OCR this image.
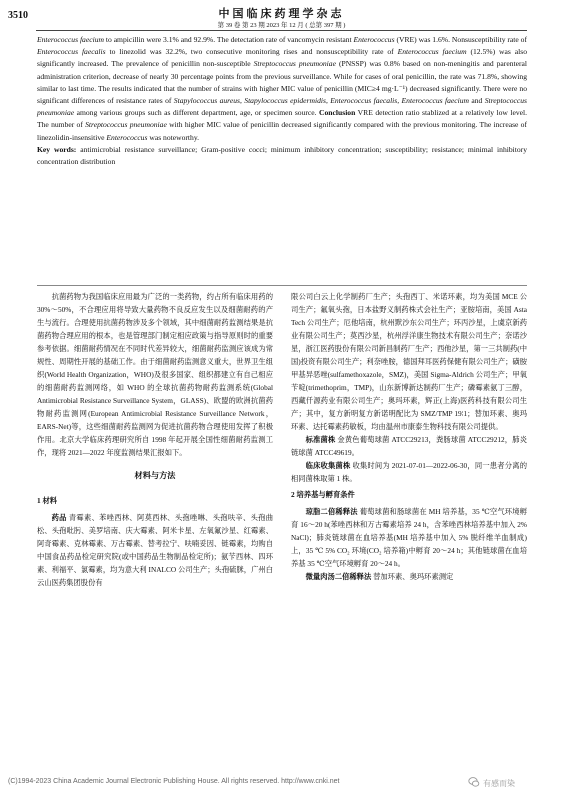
3510	中国临床药理学杂志
第 39 卷 第 23 期 2023 年 12 月 ( 总第 397 期 )

Enterococcus faecium to ampicillin were 3.1% and 92.9%. The detectation rate of vancomycin resistant Enterococcus (VRE) was 1.6%. Nonsusceptibility rate of Enterococcus faecalis to linezolid was 32.2%, two consecutive monitoring rises and nonsusceptibility rate of Enterococcus faecium (12.5%) was also significantly increased. The prevalence of penicillin non-susceptible Streptococcus pneumoniae (PNSSP) was 0.8% based on non-meningitis and parenteral administration criterion, decrease of nearly 30 percentage points from the previous surveillance. While for cases of oral penicillin, the rate was 71.8%, showing similar to last time. The results indicated that the number of strains with higher MIC value of penicillin (MIC≥4 mg·L⁻¹) decreased significantly. There were no significant differences of resistance rates of Stapylococcus aureus, Stapylococcus epidermidis, Enterococcus faecalis, Enterococcus faecium and Streptococcus pneumoniae among various groups such as different department, age, or specimen source. Conclusion VRE detection ratio stablized at a relatively low level. The number of Streptococcus pneumoniae with higher MIC value of penicillin decreased significantly compared with the previous monitoring. The increase of linezolidin-insensitive Enterococcus was noteworthy.

Key words: antimicrobial resistance surveillance; Gram-positive cocci; minimum inhibitory concentration; susceptibility; resistance; minimal inhibitory concentration distribution

抗菌药物为我国临床应用最为广泛的一类药物，约占所有临床用药的 30%～50%，不合理应用将导致大量药物不良反应发生以及细菌耐药的产生与流行。合理使用抗菌药物涉及多个领域，其中细菌耐药监测结果是抗菌药物合理应用的根本，也是管理部门制定相应政策与指导原则时的重要参考依据。细菌耐药情况在不同时代差异较大，细菌耐药监测应该成为常规性、周期性开展的基础工作。由于细菌耐药监测意义重大，世界卫生组织(World Health Organization，WHO)及很多国家、组织都建立有自己相应的细菌耐药监测网络，如 WHO 的全球抗菌药物耐药监测系统(Global Antimicrobial Resistance Surveillance System，GLASS)、欧盟的欧洲抗菌药物耐药监测网(European Antimicrobial Resistance Surveillance Network，EARS-Net)等，这些细菌耐药监测网为促进抗菌药物合理使用发挥了积极作用。北京大学临床药理研究所自 1998 年起开展全国性细菌耐药监测工作，现将 2021—2022 年度监测结果汇报如下。

材料与方法
1 材料

药品 青霉素、苯唑西林、阿莫西林、头孢唑啉、头孢呋辛、头孢曲松、头孢吡肟、美罗培南、庆大霉素、阿米卡星、左氧氟沙星、红霉素、阿奇霉素、克林霉素、万古霉素、替考拉宁、呋喃妥因、链霉素，均购自中国食品药品检定研究院(或中国药品生物制品检定所)；氨苄西林、四环素、利福平、氯霉素，均为意大利 INALCO 公司生产；头孢硫脒，广州白云山医药集团股份有

限公司白云上化学制药厂生产；头孢西丁、米诺环素，均为美国 MCE 公司生产；氟氧头孢，日本盐野义制药株式会社生产；亚胺培南，美国 Asta Tech 公司生产；厄他培南，杭州默沙东公司生产；环丙沙星，上虞京新药业有限公司生产；莫西沙星，杭州浮洋康生物技术有限公司生产；奈诺沙星，浙江医药股份有限公司新昌制药厂生产；西他沙星，第一三共制药(中国)投资有限公司生产；利奈唑胺，德国拜耳医药保健有限公司生产；磺胺甲基异恶唑(sulfamethoxazole，SMZ)，美国 Sigma-Aldrich 公司生产；甲氧苄啶(trimethoprim，TMP)，山东新博新达制药厂生产；磷霉素氨丁三醇，西藏仟源药业有限公司生产；奥玛环素，辉正(上海)医药科技有限公司生产；其中，复方新明复方新诺明配比为 SMZ/TMP 19∶1；替加环素、奥玛环素、达托霉素药敏板，均由温州市康泰生物科技有限公司提供。

标准菌株 金黄色葡萄球菌 ATCC29213，粪肠球菌 ATCC29212，肺炎链球菌 ATCC49619。

临床收集菌株 收集时间为 2021-07-01—2022-06-30，同一患者分离的相同菌株取第 1 株。

2 培养基与孵育条件

琼脂二倍稀释法 葡萄球菌和肠球菌在 MH 培养基，35 ℃空气环境孵育 16～20 h(苯唑西林和万古霉素培养 24 h，含苯唑西林培养基中加入 2% NaCl)；肺炎链球菌在血培养基(MH 培养基中加入 5% 脱纤维羊血制成)上，35 ℃ 5% CO₂ 环境(CO₂ 培养箱)中孵育 20～24 h；其他链球菌在血培养基 35 ℃空气环境孵育 20～24 h。

微量肉汤二倍稀释法 替加环素、奥玛环素测定

(C)1994-2023 China Academic Journal Electronic Publishing House. All rights reserved. http://www.cnki.net	有感而染
